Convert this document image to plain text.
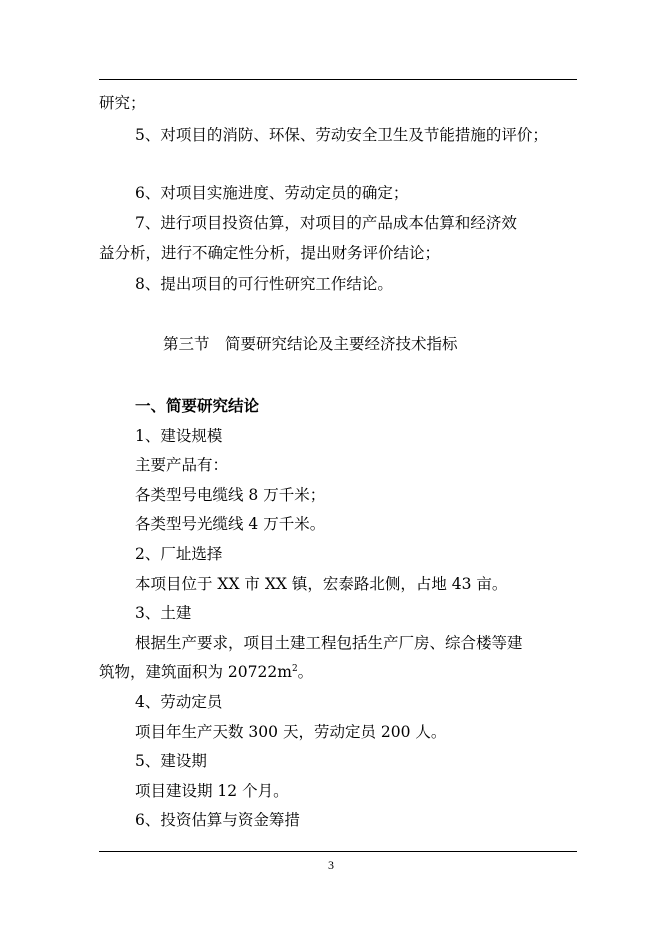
研究；
5、对项目的消防、环保、劳动安全卫生及节能措施的评价；
6、对项目实施进度、劳动定员的确定；
7、进行项目投资估算，对项目的产品成本估算和经济效
益分析，进行不确定性分析，提出财务评价结论；
8、提出项目的可行性研究工作结论。
第三节　简要研究结论及主要经济技术指标
一、简要研究结论
1、建设规模
主要产品有：
各类型号电缆线 8 万千米；
各类型号光缆线 4 万千米。
2、厂址选择
本项目位于 XX 市 XX 镇，宏泰路北侧，占地 43 亩。
3、土建
根据生产要求，项目土建工程包括生产厂房、综合楼等建
筑物，建筑面积为 $20722m^2$。
4、劳动定员
项目年生产天数 300 天，劳动定员 200 人。
5、建设期
项目建设期 12 个月。
6、投资估算与资金筹措
3
